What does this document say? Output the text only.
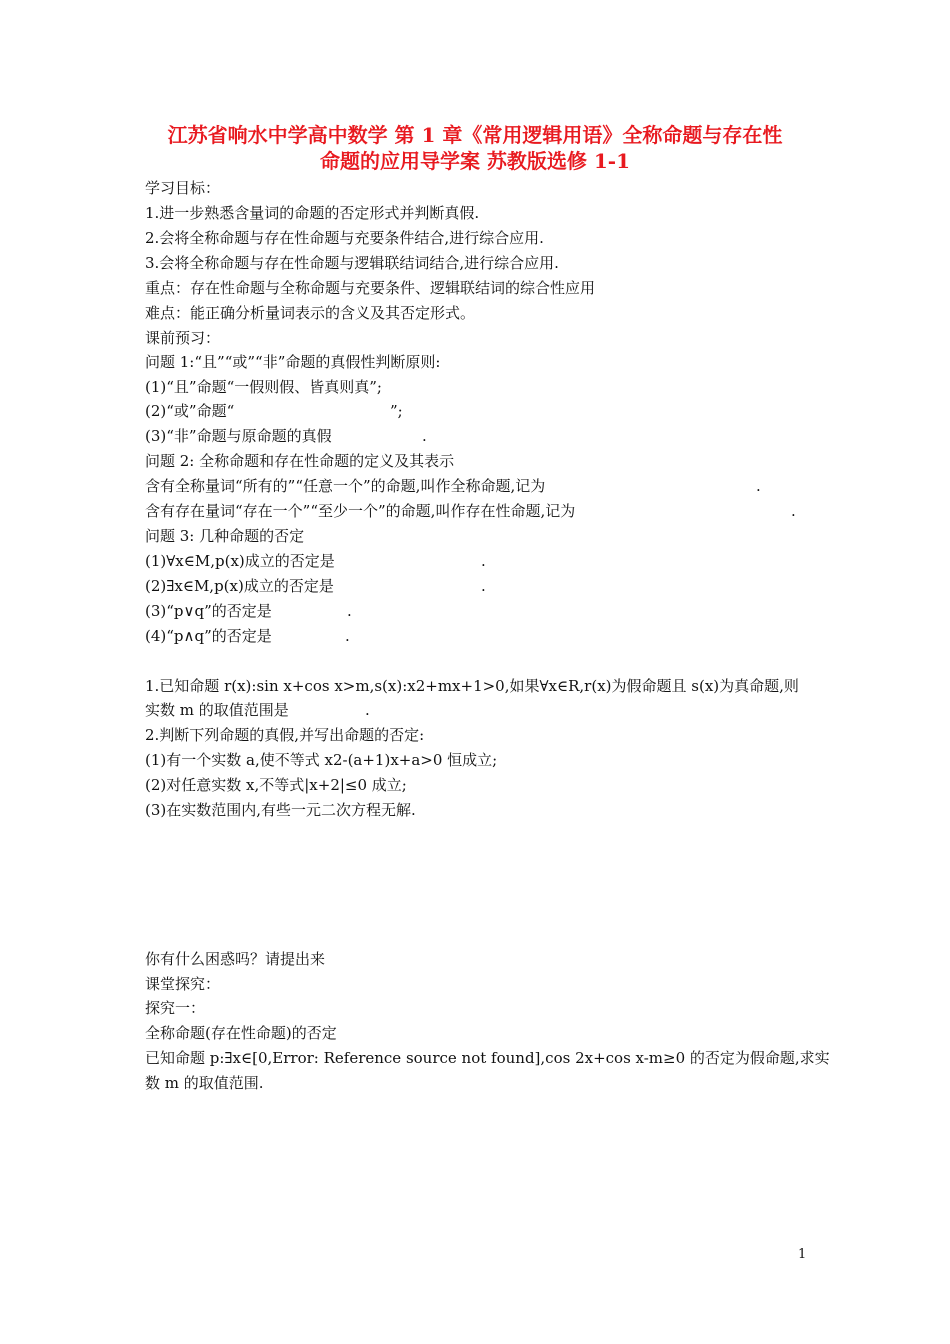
江苏省响水中学高中数学 第 1 章《常用逻辑用语》全称命题与存在性
命题的应用导学案 苏教版选修 1-1
学习目标：
1.进一步熟悉含量词的命题的否定形式并判断真假.
2.会将全称命题与存在性命题与充要条件结合,进行综合应用.
3.会将全称命题与存在性命题与逻辑联结词结合,进行综合应用.
重点：存在性命题与全称命题与充要条件、逻辑联结词的综合性应用
难点：能正确分析量词表示的含义及其否定形式。
课前预习：
问题 1:“且”“或”“非”命题的真假性判断原则:
(1)“且”命题“一假则假、皆真则真”;
(2)“或”命题“	”;
(3)“非”命题与原命题的真假	.
问题 2: 全称命题和存在性命题的定义及其表示
含有全称量词“所有的”“任意一个”的命题,叫作全称命题,记为	.
含有存在量词“存在一个”“至少一个”的命题,叫作存在性命题,记为	.
问题 3: 几种命题的否定
(1)∀x∈M,p(x)成立的否定是	.
(2)∃x∈M,p(x)成立的否定是	.
(3)“p∨q”的否定是	.
(4)“p∧q”的否定是	.
1.已知命题 r(x):sin x+cos x>m,s(x):x2+mx+1>0,如果∀x∈R,r(x)为假命题且 s(x)为真命题,则
实数 m 的取值范围是	.
2.判断下列命题的真假,并写出命题的否定:
(1)有一个实数 a,使不等式 x2-(a+1)x+a>0 恒成立;
(2)对任意实数 x,不等式|x+2|≤0 成立;
(3)在实数范围内,有些一元二次方程无解.
你有什么困惑吗？请提出来
课堂探究：
探究一：
全称命题(存在性命题)的否定
已知命题 p:∃x∈[0,Error: Reference source not found],cos 2x+cos x-m≥0 的否定为假命题,求实
数 m 的取值范围.
1
